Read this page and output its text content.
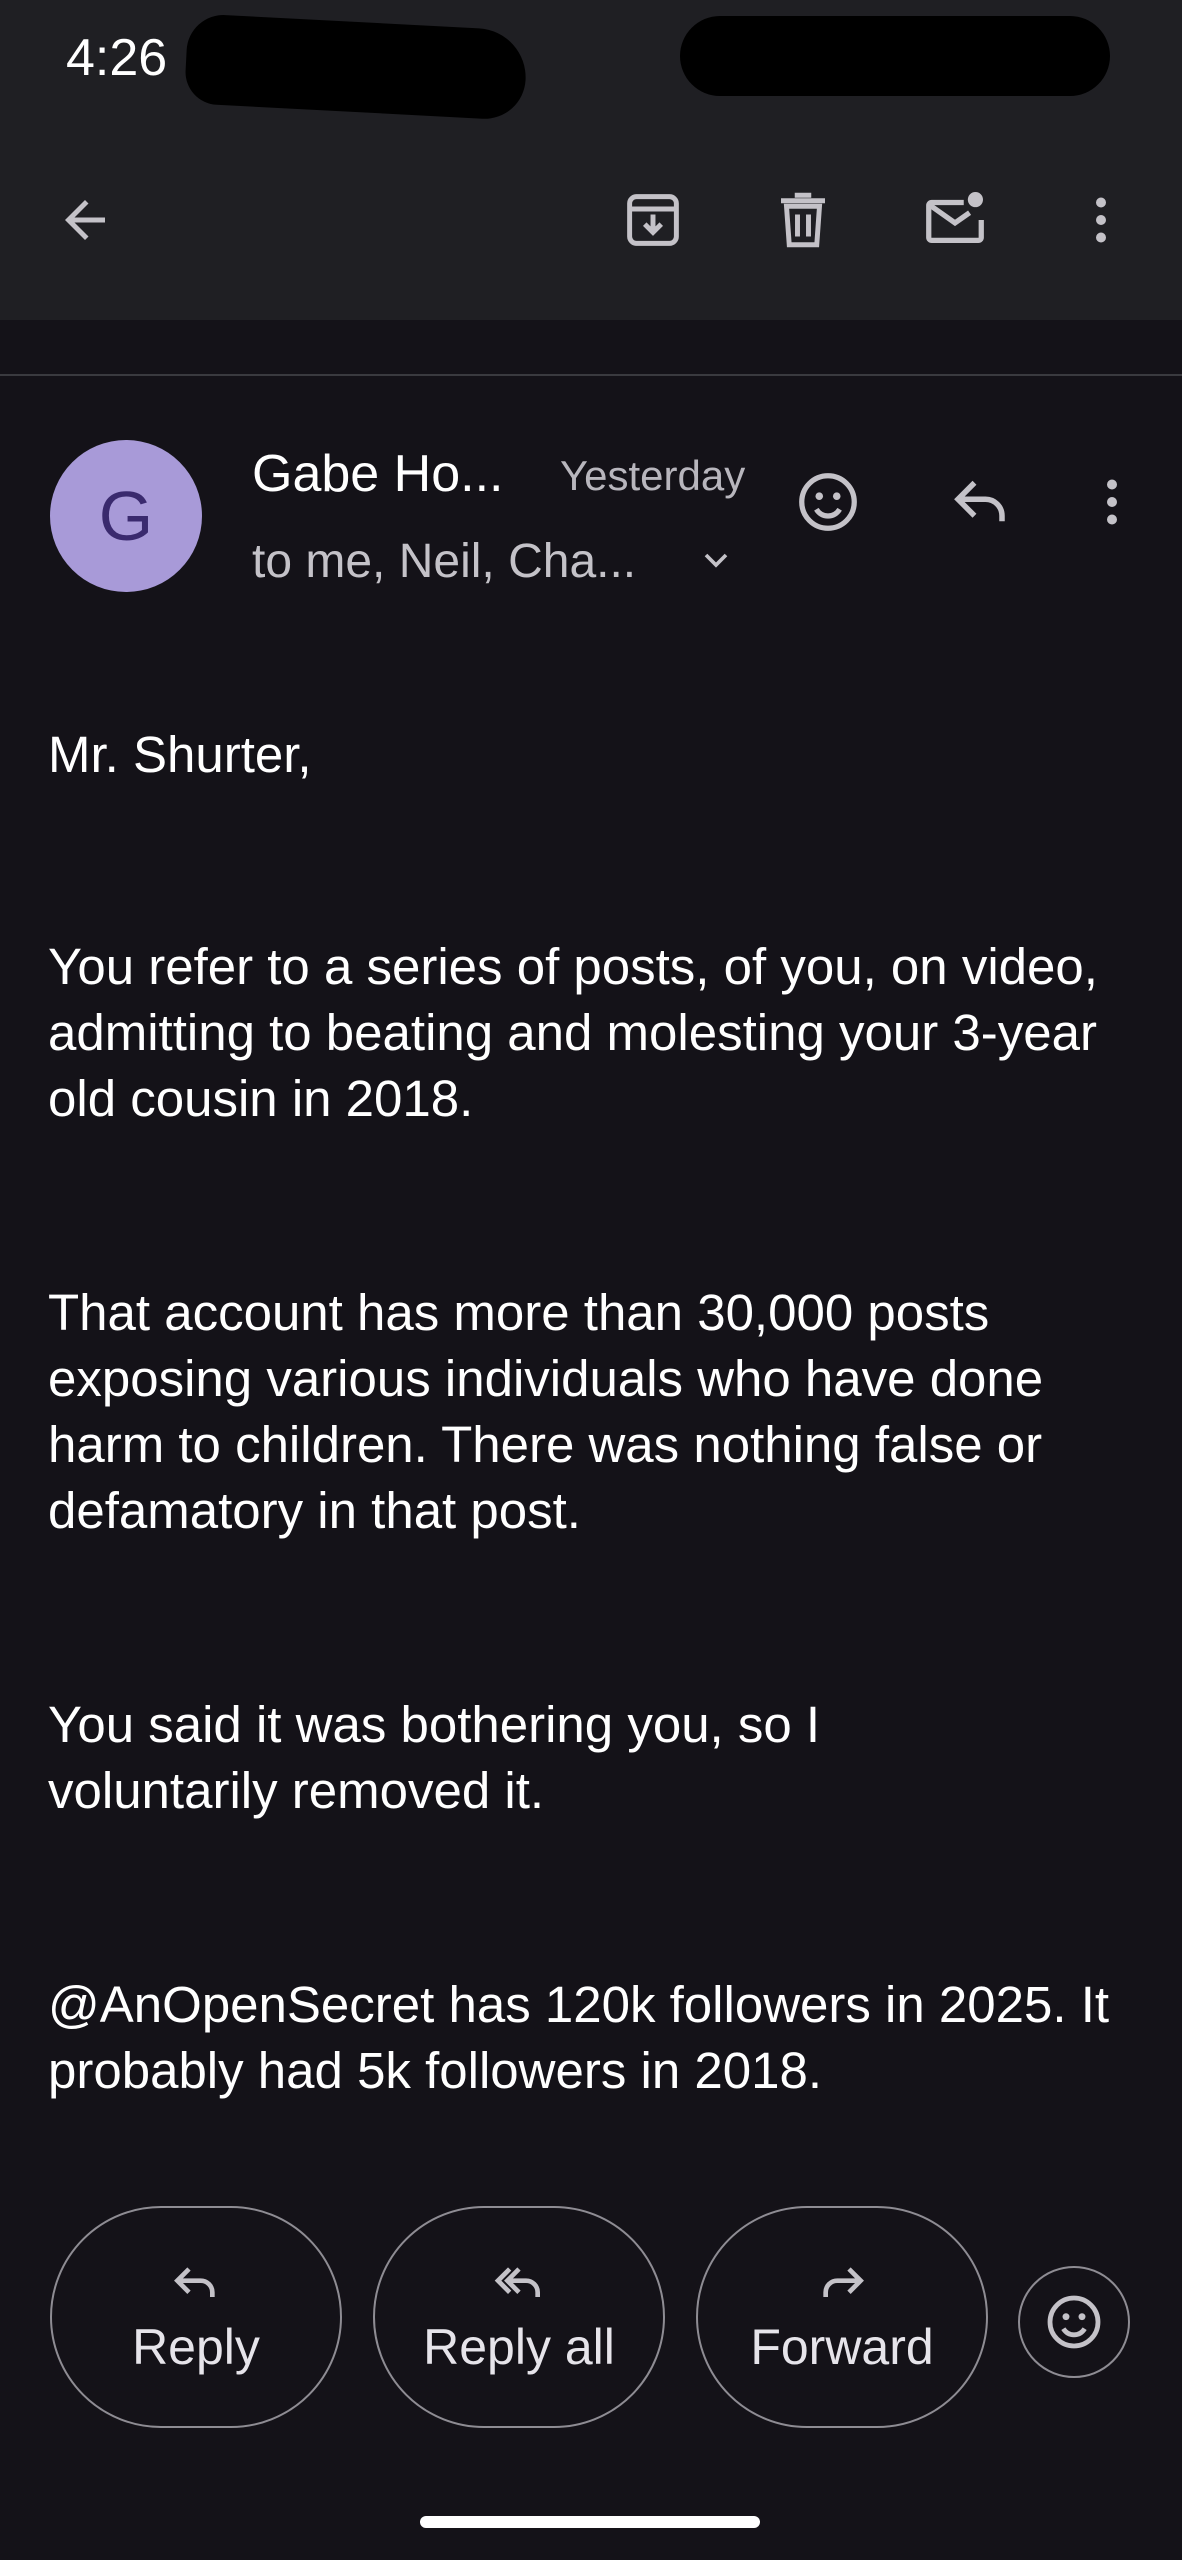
4:26
G
Gabe Ho... Yesterday
to me, Neil, Cha...
Mr. Shurter,
You refer to a series of posts, of you, on video, admitting to beating and molesting your 3-year old cousin in 2018.
That account has more than 30,000 posts exposing various individuals who have done harm to children. There was nothing false or defamatory in that post.
You said it was bothering you, so I voluntarily removed it.
@AnOpenSecret has 120k followers in 2025. It probably had 5k followers in 2018.
Reply	Reply all	Forward
